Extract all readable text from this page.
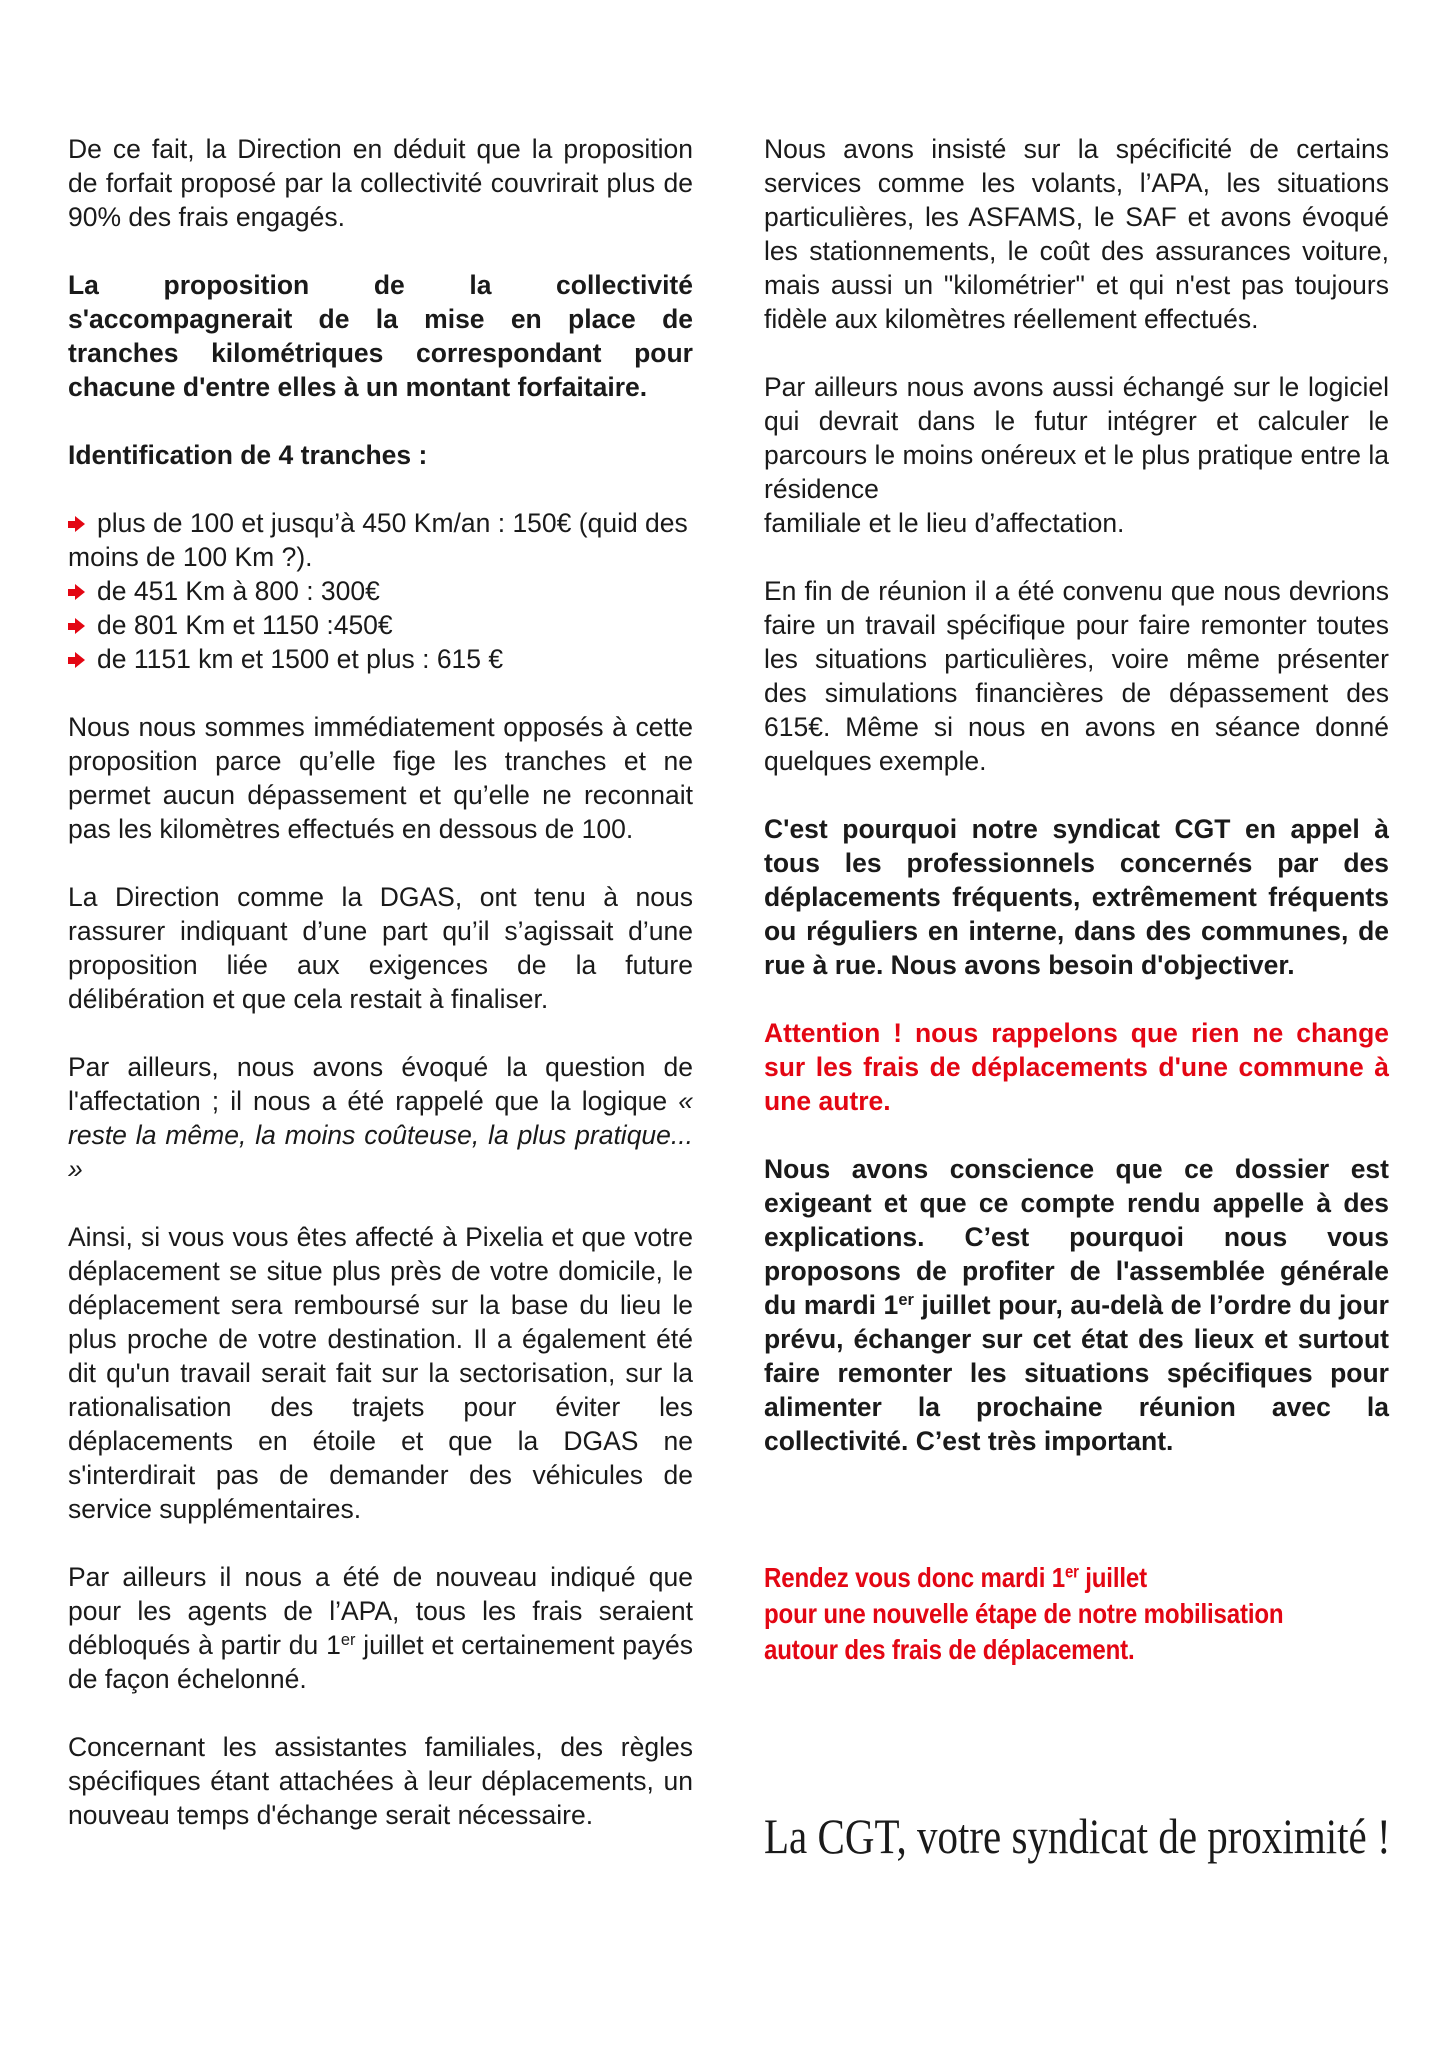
De ce fait, la Direction en déduit que la proposition de forfait proposé par la collectivité couvrirait plus de 90% des frais engagés.

La proposition de la collectivité s'accompagnerait de la mise en place de tranches kilométriques correspondant pour chacune d'entre elles à un montant forfaitaire.

Identification de 4 tranches :

plus de 100 et jusqu’à 450 Km/an : 150€ (quid des moins de 100 Km ?).
de 451 Km à 800 : 300€
de 801 Km et 1150 :450€
de 1151 km et 1500 et plus : 615 €

Nous nous sommes immédiatement opposés à cette proposition parce qu’elle fige les tranches et ne permet aucun dépassement et qu’elle ne reconnait pas les kilomètres effectués en dessous de 100.

La Direction comme la DGAS, ont tenu à nous rassurer indiquant d’une part qu’il s’agissait d’une proposition liée aux exigences de la future délibération et que cela restait à finaliser.

Par ailleurs, nous avons évoqué la question de l'affectation ; il nous a été rappelé que la logique « reste la même, la moins coûteuse, la plus pratique... »

Ainsi, si vous vous êtes affecté à Pixelia et que votre déplacement se situe plus près de votre domicile, le déplacement sera remboursé sur la base du lieu le plus proche de votre destination. Il a également été dit qu'un travail serait fait sur la sectorisation, sur la rationalisation des trajets pour éviter les déplacements en étoile et que la DGAS ne s'interdirait pas de demander des véhicules de service supplémentaires.

Par ailleurs il nous a été de nouveau indiqué que pour les agents de l’APA, tous les frais seraient débloqués à partir du 1er juillet et certainement payés de façon échelonné.

Concernant les assistantes familiales, des règles spécifiques étant attachées à leur déplacements, un nouveau temps d'échange serait nécessaire.

Nous avons insisté sur la spécificité de certains services comme les volants, l’APA, les situations particulières, les ASFAMS, le SAF et avons évoqué les stationnements, le coût des assurances voiture, mais aussi un "kilométrier" et qui n'est pas toujours fidèle aux kilomètres réellement effectués.

Par ailleurs nous avons aussi échangé sur le logiciel qui devrait dans le futur intégrer et calculer le parcours le moins onéreux et le plus pratique entre la résidence
familiale et le lieu d’affectation.

En fin de réunion il a été convenu que nous devrions faire un travail spécifique pour faire remonter toutes les situations particulières, voire même présenter des simulations financières de dépassement des 615€. Même si nous en avons en séance donné quelques exemple.

C'est pourquoi notre syndicat CGT en appel à tous les professionnels concernés par des déplacements fréquents, extrêmement fréquents ou réguliers en interne, dans des communes, de rue à rue. Nous avons besoin d'objectiver.

Attention ! nous rappelons que rien ne change sur les frais de déplacements d'une commune à une autre.

Nous avons conscience que ce dossier est exigeant et que ce compte rendu appelle à des explications. C’est pourquoi nous vous proposons de profiter de l'assemblée générale du mardi 1er juillet pour, au-delà de l’ordre du jour prévu, échanger sur cet état des lieux et surtout faire remonter les situations spécifiques pour alimenter la prochaine réunion avec la collectivité. C’est très important.

Rendez vous donc mardi 1er juillet
pour une nouvelle étape de notre mobilisation
autour des frais de déplacement.
La CGT, votre syndicat de proximité !
